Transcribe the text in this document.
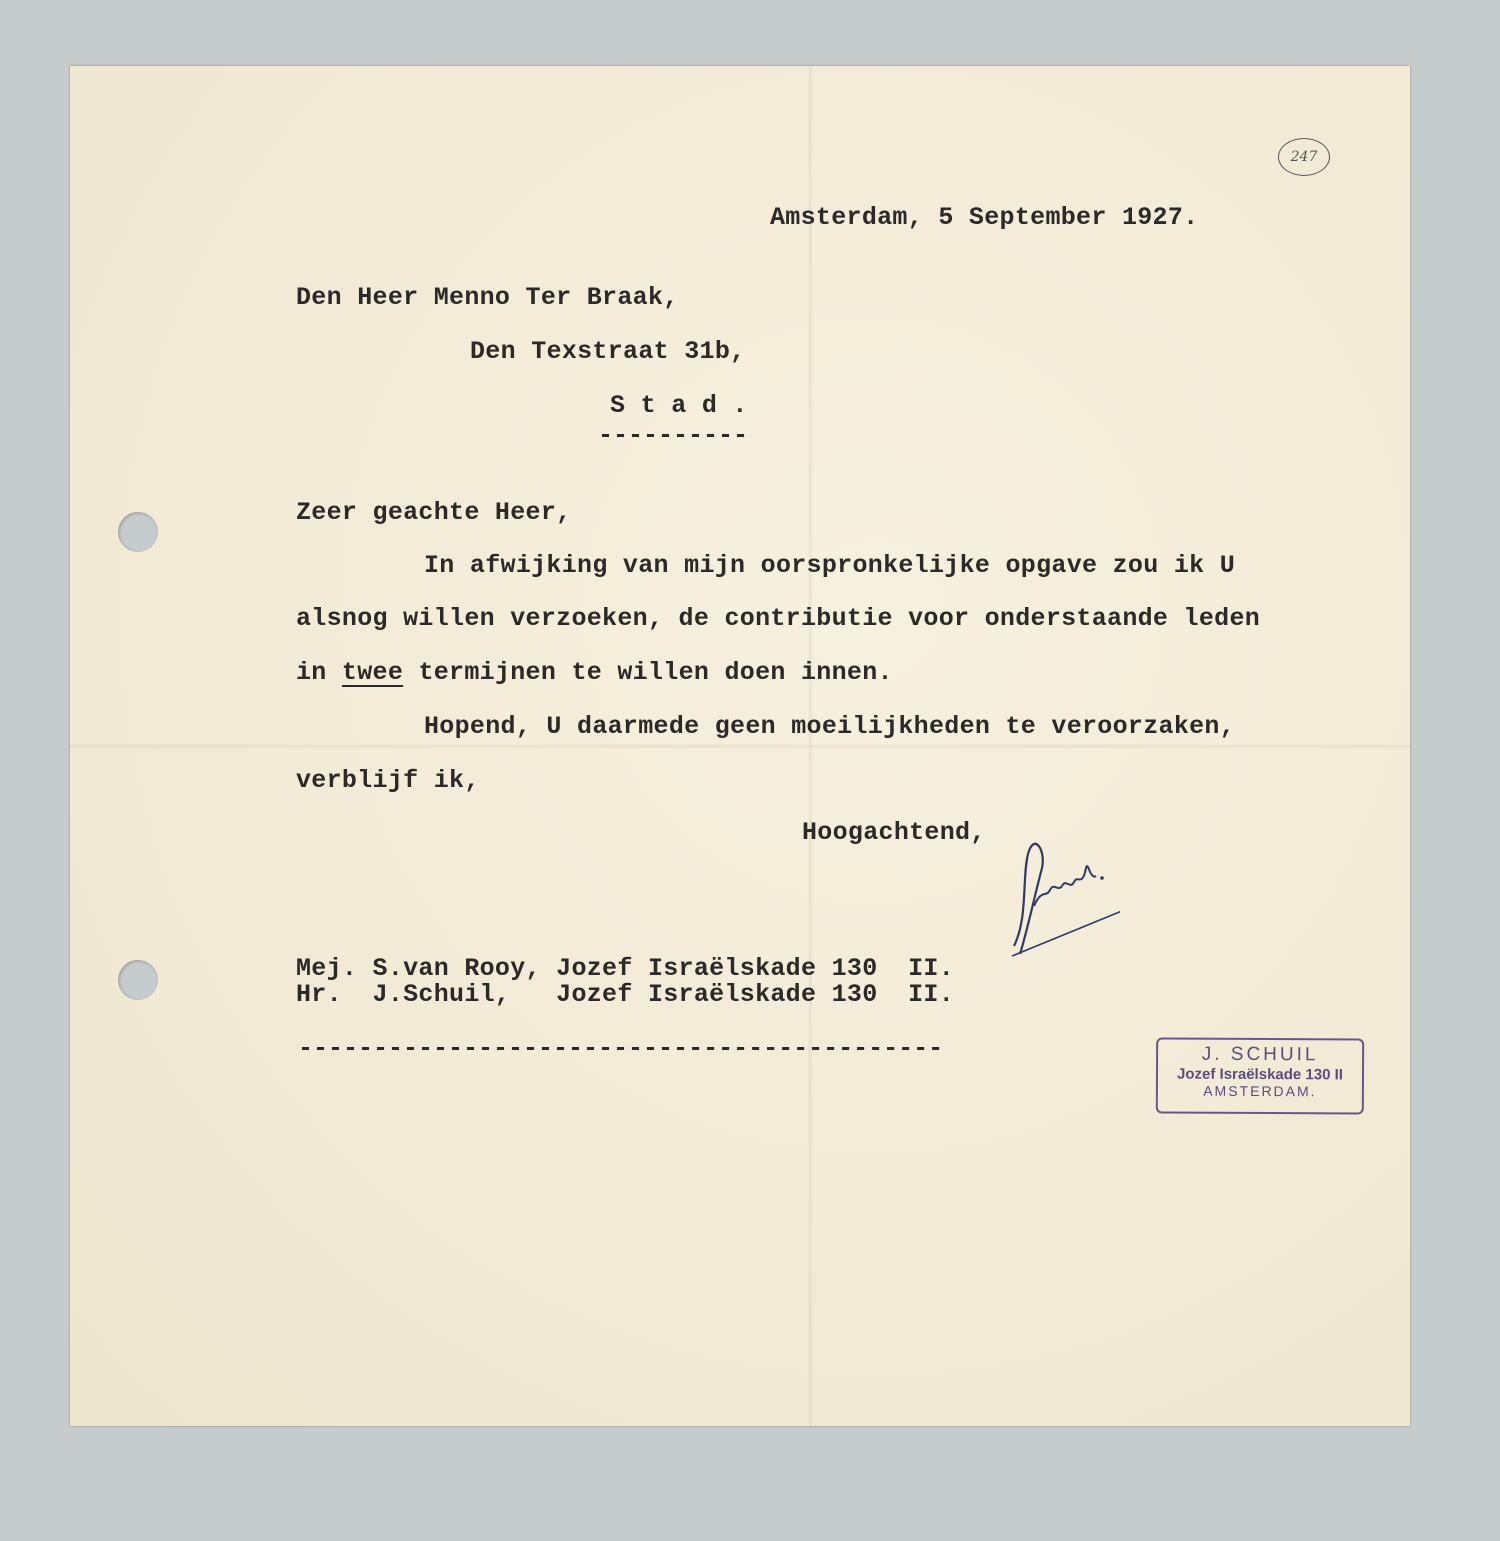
247
Amsterdam, 5 September 1927.
Den Heer Menno Ter Braak,
Den Texstraat 31b,
S t a d .
----------
Zeer geachte Heer,
In afwijking van mijn oorspronkelijke opgave zou ik U
alsnog willen verzoeken, de contributie voor onderstaande leden
in twee termijnen te willen doen innen.
Hopend, U daarmede geen moeilijkheden te veroorzaken,
verblijf ik,
Hoogachtend,
Mej. S.van Rooy, Jozef Israëlskade 130  II.
Hr.  J.Schuil,   Jozef Israëlskade 130  II.
-------------------------------------------	J. SCHUIL
Jozef Israëlskade 130 II
AMSTERDAM.
